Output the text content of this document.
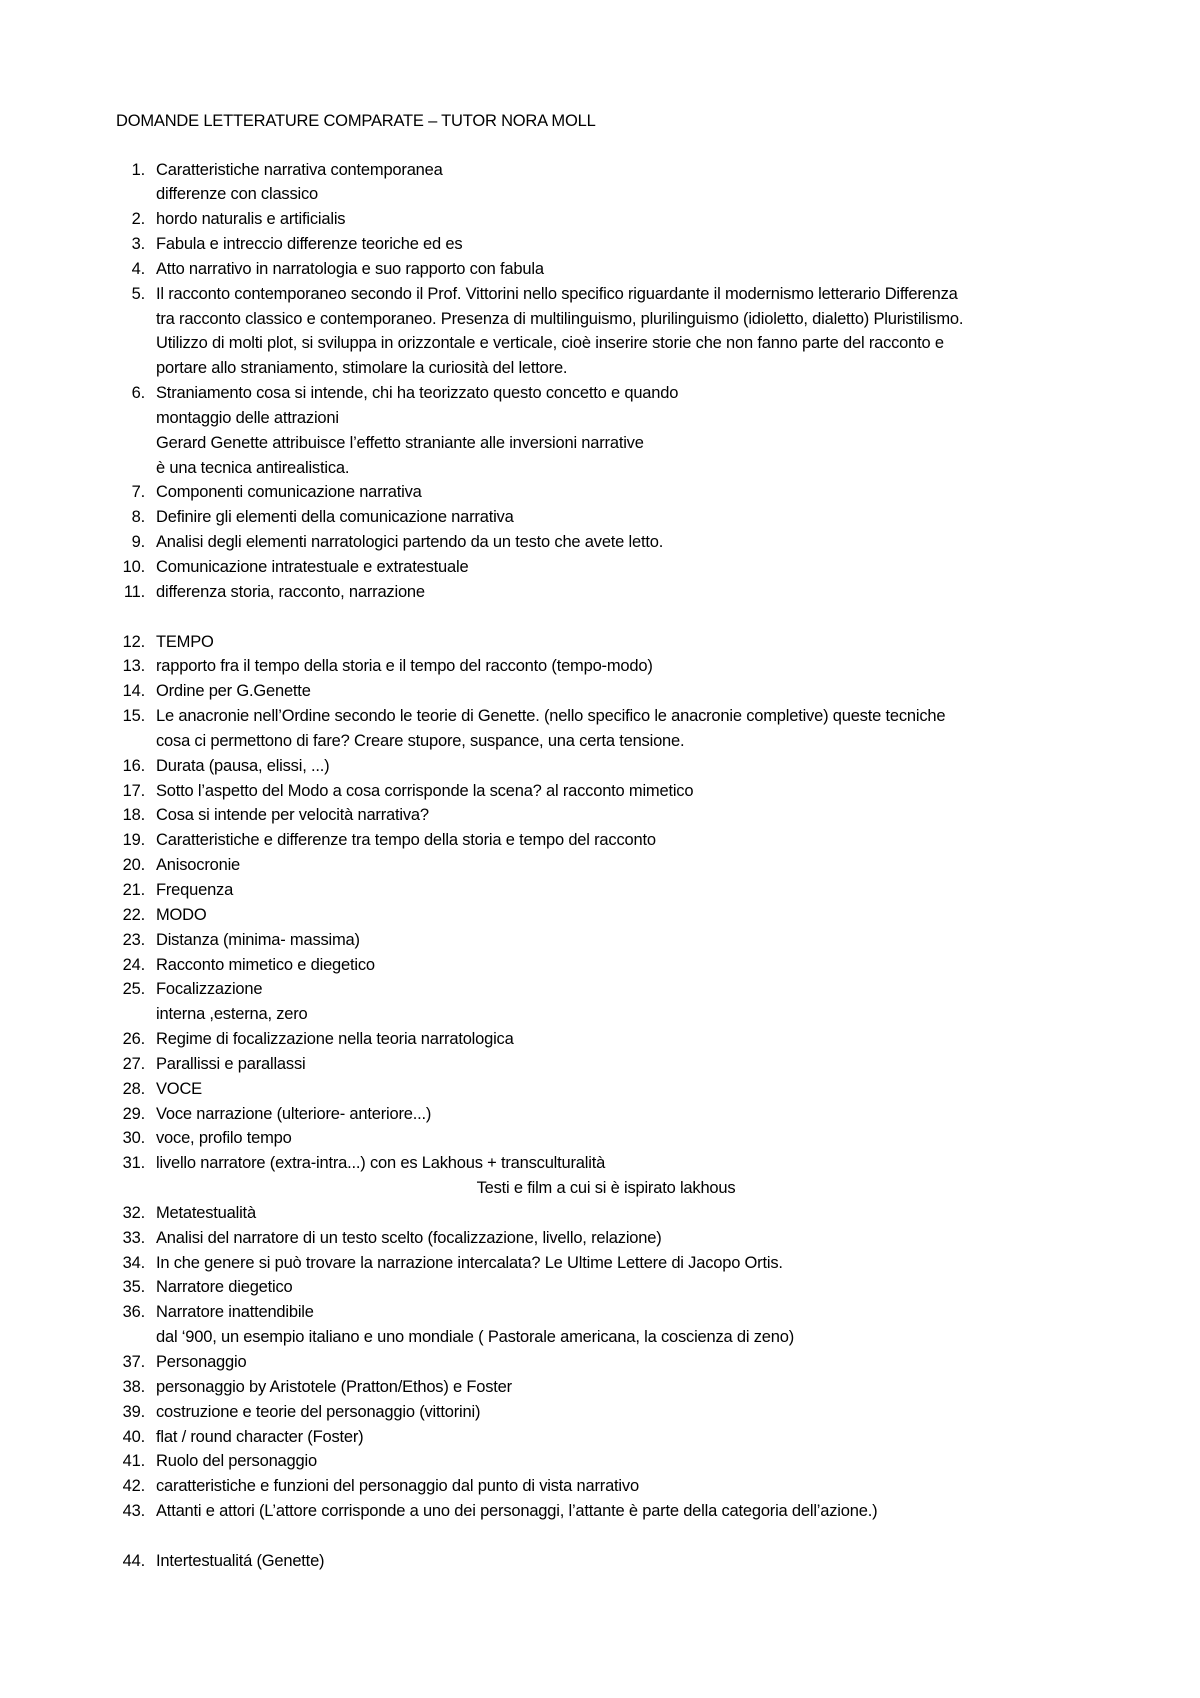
DOMANDE LETTERATURE COMPARATE – TUTOR NORA MOLL
1. Caratteristiche narrativa contemporanea
differenze con classico
2. hordo naturalis e artificialis
3. Fabula e intreccio differenze teoriche ed es
4. Atto narrativo in narratologia e suo rapporto con fabula
5. Il racconto contemporaneo secondo il Prof. Vittorini nello specifico riguardante il modernismo letterario Differenza
tra racconto classico e contemporaneo. Presenza di multilinguismo, plurilinguismo (idioletto, dialetto) Pluristilismo.
Utilizzo di molti plot, si sviluppa in orizzontale e verticale, cioè inserire storie che non fanno parte del racconto e
portare allo straniamento, stimolare la curiosità del lettore.
6. Straniamento cosa si intende, chi ha teorizzato questo concetto e quando
montaggio delle attrazioni
Gerard Genette attribuisce l’effetto straniante alle inversioni narrative
è una tecnica antirealistica.
7. Componenti comunicazione narrativa
8. Definire gli elementi della comunicazione narrativa
9. Analisi degli elementi narratologici partendo da un testo che avete letto.
10. Comunicazione intratestuale e extratestuale
11. differenza storia, racconto, narrazione
12. TEMPO
13. rapporto fra il tempo della storia e il tempo del racconto (tempo-modo)
14. Ordine per G.Genette
15. Le anacronie nell’Ordine secondo le teorie di Genette. (nello specifico le anacronie completive) queste tecniche
cosa ci permettono di fare? Creare stupore, suspance, una certa tensione.
16. Durata (pausa, elissi, ...)
17. Sotto l’aspetto del Modo a cosa corrisponde la scena? al racconto mimetico
18. Cosa si intende per velocità narrativa?
19. Caratteristiche e differenze tra tempo della storia e tempo del racconto
20. Anisocronie
21. Frequenza
22. MODO
23. Distanza (minima- massima)
24. Racconto mimetico e diegetico
25. Focalizzazione
interna ,esterna, zero
26. Regime di focalizzazione nella teoria narratologica
27. Parallissi e parallassi
28. VOCE
29. Voce narrazione (ulteriore- anteriore...)
30. voce, profilo tempo
31. livello narratore (extra-intra...) con es Lakhous + transculturalità
Testi e film a cui si è ispirato lakhous
32. Metatestualità
33. Analisi del narratore di un testo scelto (focalizzazione, livello, relazione)
34. In che genere si può trovare la narrazione intercalata? Le Ultime Lettere di Jacopo Ortis.
35. Narratore diegetico
36. Narratore inattendibile
dal ‘900, un esempio italiano e uno mondiale ( Pastorale americana, la coscienza di zeno)
37. Personaggio
38. personaggio by Aristotele (Pratton/Ethos) e Foster
39. costruzione e teorie del personaggio (vittorini)
40. flat / round character (Foster)
41. Ruolo del personaggio
42. caratteristiche e funzioni del personaggio dal punto di vista narrativo
43. Attanti e attori (L’attore corrisponde a uno dei personaggi, l’attante è parte della categoria dell’azione.)
44. Intertestualitá (Genette)
